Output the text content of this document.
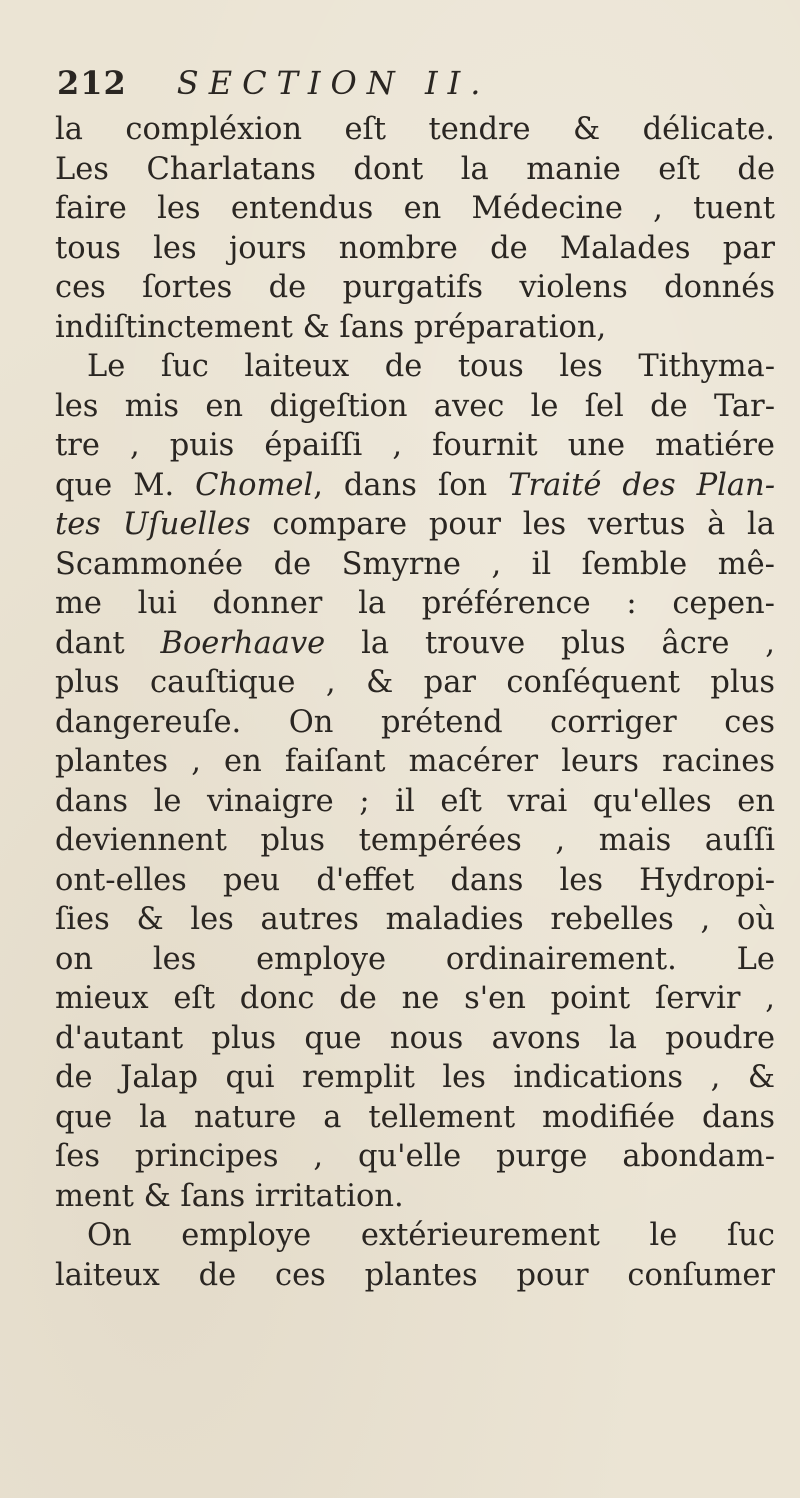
212 SECTION II.
la compléxion eſt tendre & délicate.
Les Charlatans dont la manie eſt de
faire les entendus en Médecine , tuent
tous les jours nombre de Malades par
ces ſortes de purgatifs violens donnés
indiſtinctement & ſans préparation,
Le ſuc laiteux de tous les Tithyma-
les mis en digeſtion avec le ſel de Tar-
tre , puis épaiſſi , fournit une matiére
que M. Chomel, dans ſon Traité des Plan-
tes Uſuelles compare pour les vertus à la
Scammonée de Smyrne , il ſemble mê-
me lui donner la préférence : cepen-
dant Boerhaave la trouve plus âcre ,
plus cauſtique , & par conſéquent plus
dangereuſe. On prétend corriger ces
plantes , en faiſant macérer leurs racines
dans le vinaigre ; il eſt vrai qu'elles en
deviennent plus tempérées , mais auſſi
ont-elles peu d'effet dans les Hydropi-
ſies & les autres maladies rebelles , où
on les employe ordinairement. Le
mieux eſt donc de ne s'en point ſervir ,
d'autant plus que nous avons la poudre
de Jalap qui remplit les indications , &
que la nature a tellement modifiée dans
ſes principes , qu'elle purge abondam-
ment & ſans irritation.
On employe extérieurement le ſuc
laiteux de ces plantes pour conſumer
